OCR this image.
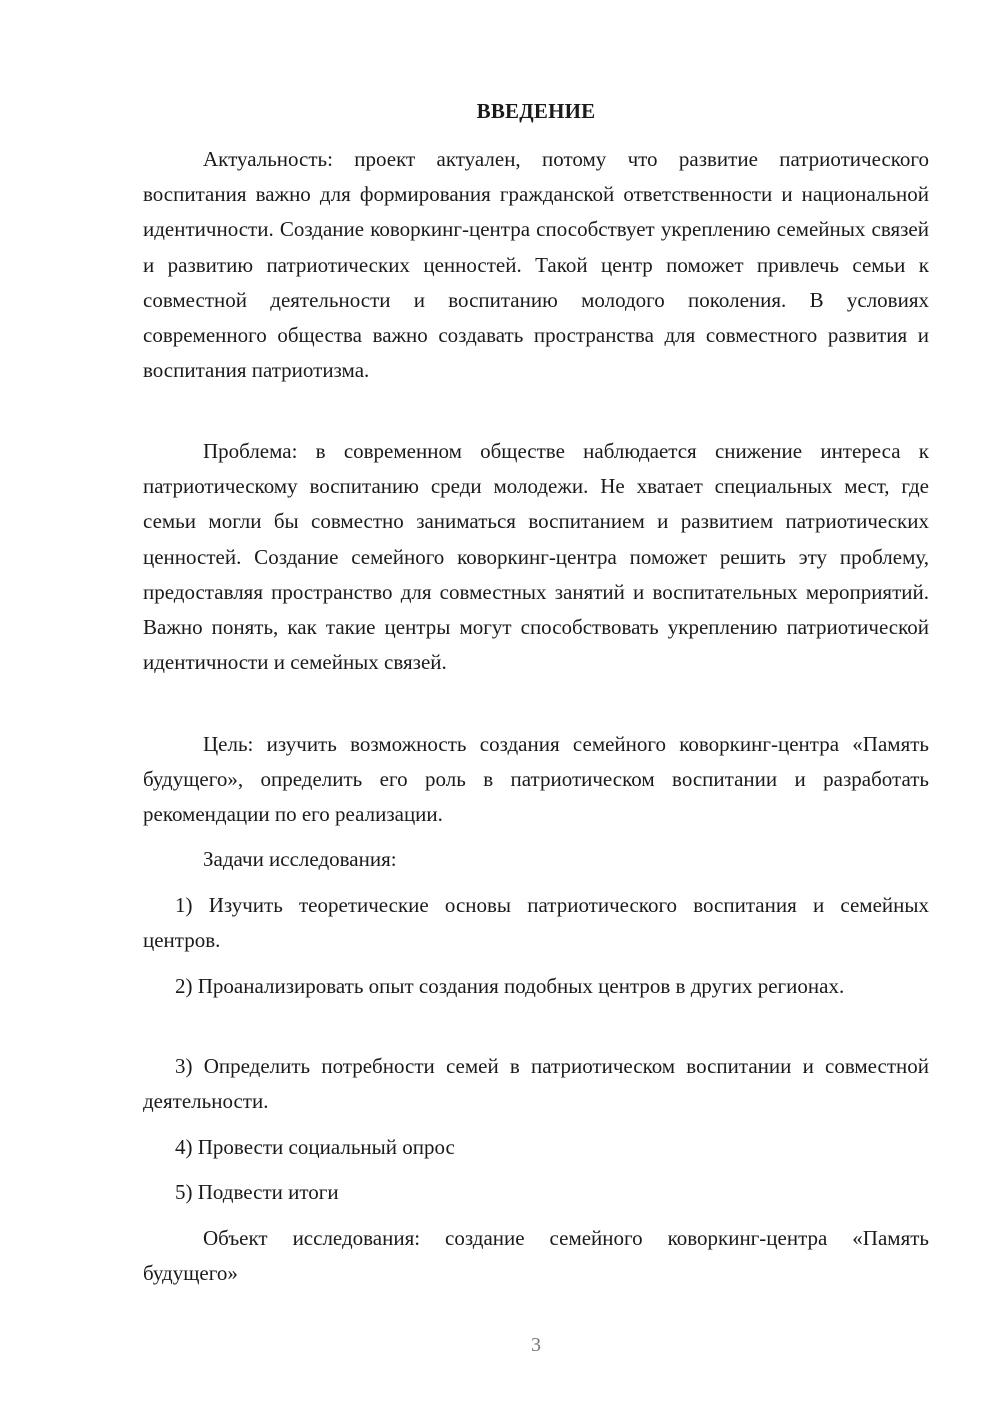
ВВЕДЕНИЕ

Актуальность: проект актуален, потому что развитие патриотического воспитания важно для формирования гражданской ответственности и национальной идентичности. Создание коворкинг-центра способствует укреплению семейных связей и развитию патриотических ценностей. Такой центр поможет привлечь семьи к совместной деятельности и воспитанию молодого поколения. В условиях современного общества важно создавать пространства для совместного развития и воспитания патриотизма.

Проблема: в современном обществе наблюдается снижение интереса к патриотическому воспитанию среди молодежи. Не хватает специальных мест, где семьи могли бы совместно заниматься воспитанием и развитием патриотических ценностей. Создание семейного коворкинг-центра поможет решить эту проблему, предоставляя пространство для совместных занятий и воспитательных мероприятий. Важно понять, как такие центры могут способствовать укреплению патриотической идентичности и семейных связей.

Цель: изучить возможность создания семейного коворкинг-центра «Память будущего», определить его роль в патриотическом воспитании и разработать рекомендации по его реализации.

Задачи исследования:

1) Изучить теоретические основы патриотического воспитания и семейных центров.

2) Проанализировать опыт создания подобных центров в других регионах.

3) Определить потребности семей в патриотическом воспитании и совместной деятельности.

4) Провести социальный опрос

5) Подвести итоги

Объект исследования: создание семейного коворкинг-центра «Память будущего»

3
